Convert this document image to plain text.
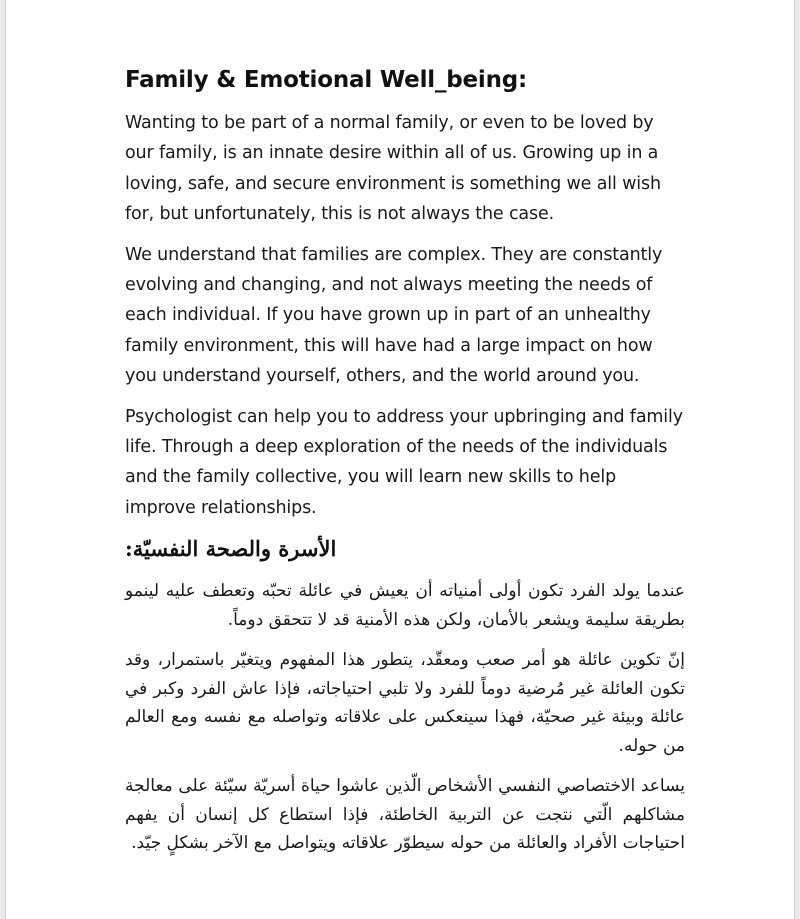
Family & Emotional Well_being:

Wanting to be part of a normal family, or even to be loved by our family, is an innate desire within all of us. Growing up in a loving, safe, and secure environment is something we all wish for, but unfortunately, this is not always the case.

We understand that families are complex. They are constantly evolving and changing, and not always meeting the needs of each individual. If you have grown up in part of an unhealthy family environment, this will have had a large impact on how you understand yourself, others, and the world around you.

Psychologist can help you to address your upbringing and family life. Through a deep exploration of the needs of the individuals and the family collective, you will learn new skills to help improve relationships.

الأسرة والصحة النفسيّة:

عندما يولد الفرد تكون أولى أمنياته أن يعيش في عائلة تحبّه وتعطف عليه لينمو بطريقة سليمة ويشعر بالأمان، ولكن هذه الأمنية قد لا تتحقق دوماً.

إنّ تكوين عائلة هو أمر صعب ومعقّد، يتطور هذا المفهوم ويتغيّر باستمرار، وقد تكون العائلة غير مُرضية دوماً للفرد ولا تلبي احتياجاته، فإذا عاش الفرد وكبر في عائلة وبيئة غير صحيّة، فهذا سينعكس على علاقاته وتواصله مع نفسه ومع العالم من حوله.

يساعد الاختصاصي النفسي الأشخاص الّذين عاشوا حياة أسريّة سيّئة على معالجة مشاكلهم الّتي نتجت عن التربية الخاطئة، فإذا استطاع كل إنسان أن يفهم احتياجات الأفراد والعائلة من حوله سيطوّر علاقاته ويتواصل مع الآخر بشكلٍ جيّد.
